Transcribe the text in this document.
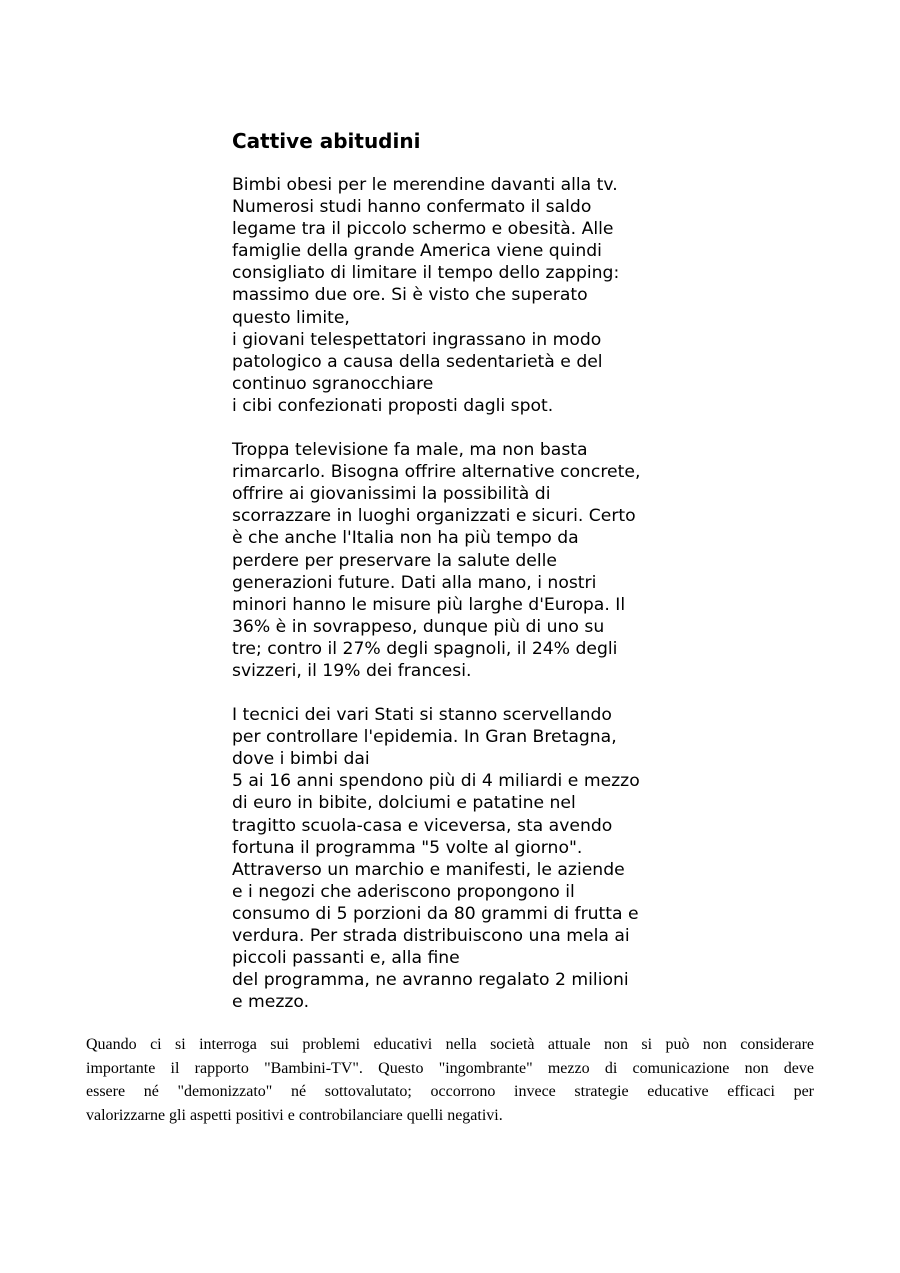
Cattive abitudini
Bimbi obesi per le merendine davanti alla tv.
Numerosi studi hanno confermato il saldo
legame tra il piccolo schermo e obesità. Alle
famiglie della grande America viene quindi
consigliato di limitare il tempo dello zapping:
massimo due ore. Si è visto che superato
questo limite,
i giovani telespettatori ingrassano in modo
patologico a causa della sedentarietà e del
continuo sgranocchiare
i cibi confezionati proposti dagli spot.
Troppa televisione fa male, ma non basta
rimarcarlo. Bisogna offrire alternative concrete,
offrire ai giovanissimi la possibilità di
scorrazzare in luoghi organizzati e sicuri. Certo
è che anche l'Italia non ha più tempo da
perdere per preservare la salute delle
generazioni future. Dati alla mano, i nostri
minori hanno le misure più larghe d'Europa. Il
36% è in sovrappeso, dunque più di uno su
tre; contro il 27% degli spagnoli, il 24% degli
svizzeri, il 19% dei francesi.
I tecnici dei vari Stati si stanno scervellando
per controllare l'epidemia. In Gran Bretagna,
dove i bimbi dai
5 ai 16 anni spendono più di 4 miliardi e mezzo
di euro in bibite, dolciumi e patatine nel
tragitto scuola-casa e viceversa, sta avendo
fortuna il programma "5 volte al giorno".
Attraverso un marchio e manifesti, le aziende
e i negozi che aderiscono propongono il
consumo di 5 porzioni da 80 grammi di frutta e
verdura. Per strada distribuiscono una mela ai
piccoli passanti e, alla fine
del programma, ne avranno regalato 2 milioni
e mezzo.
Quando ci si interroga sui problemi educativi nella società attuale non si può non considerare
importante il rapporto "Bambini-TV". Questo "ingombrante" mezzo di comunicazione non deve
essere né "demonizzato" né sottovalutato; occorrono invece strategie educative efficaci per
valorizzarne gli aspetti positivi e controbilanciare quelli negativi.
